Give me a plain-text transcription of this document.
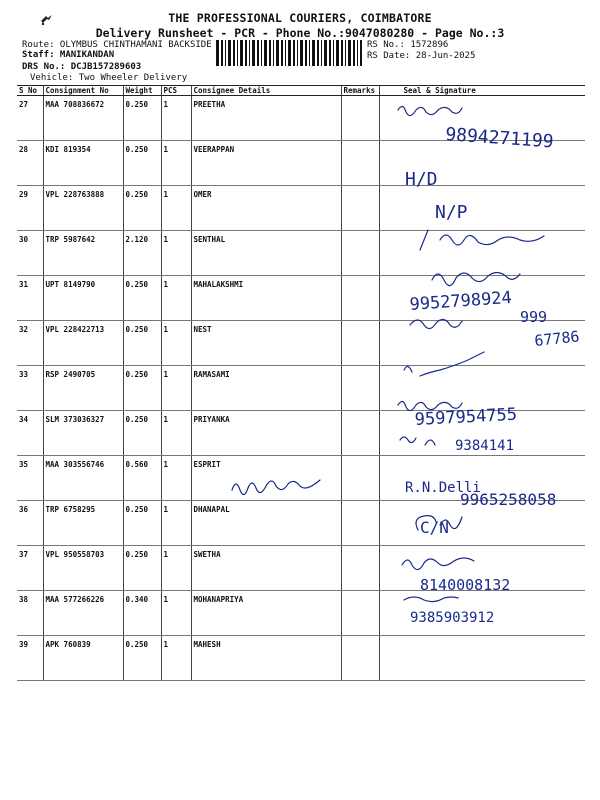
THE PROFESSIONAL COURIERS, COIMBATORE
Delivery Runsheet - PCR - Phone No.:9047080280 - Page No.:3
Route: OLYMBUS CHINTHAMANI BACKSIDE
Staff: MANIKANDAN
DRS No.: DCJB157289603
Vehicle: Two Wheeler Delivery
RS No.: 1572896
RS Date: 28-Jun-2025
S No	Consignment No	Weight	PCS	Consignee Details	Remarks	Seal & Signature
27	MAA 708836672	0.250	1	PREETHA		
28	KDI 819354	0.250	1	VEERAPPAN		
29	VPL 228763888	0.250	1	OMER		
30	TRP 5987642	2.120	1	SENTHAL		
31	UPT 8149790	0.250	1	MAHALAKSHMI		
32	VPL 228422713	0.250	1	NEST		
33	RSP 2490705	0.250	1	RAMASAMI		
34	SLM 373036327	0.250	1	PRIYANKA		
35	MAA 303556746	0.560	1	ESPRIT		
36	TRP 6758295	0.250	1	DHANAPAL		
37	VPL 950558703	0.250	1	SWETHA		
38	MAA 577266226	0.340	1	MOHANAPRIYA		
39	APK 760839	0.250	1	MAHESH		
9894271199
H/D
N/P
9952798924
999
67786
9597954755
9384141
R.N.Delli
9965258058
C/N
8140008132
9385903912
